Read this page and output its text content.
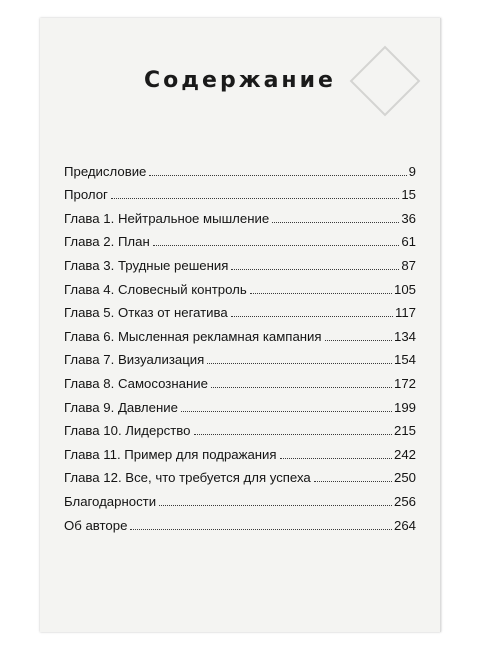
Содержание
Предисловие	9
Пролог	15
Глава 1. Нейтральное мышление	36
Глава 2. План	61
Глава 3. Трудные решения	87
Глава 4. Словесный контроль	105
Глава 5. Отказ от негатива	117
Глава 6. Мысленная рекламная кампания	134
Глава 7. Визуализация	154
Глава 8. Самосознание	172
Глава 9. Давление	199
Глава 10. Лидерство	215
Глава 11. Пример для подражания	242
Глава 12. Все, что требуется для успеха	250
Благодарности	256
Об авторе	264
